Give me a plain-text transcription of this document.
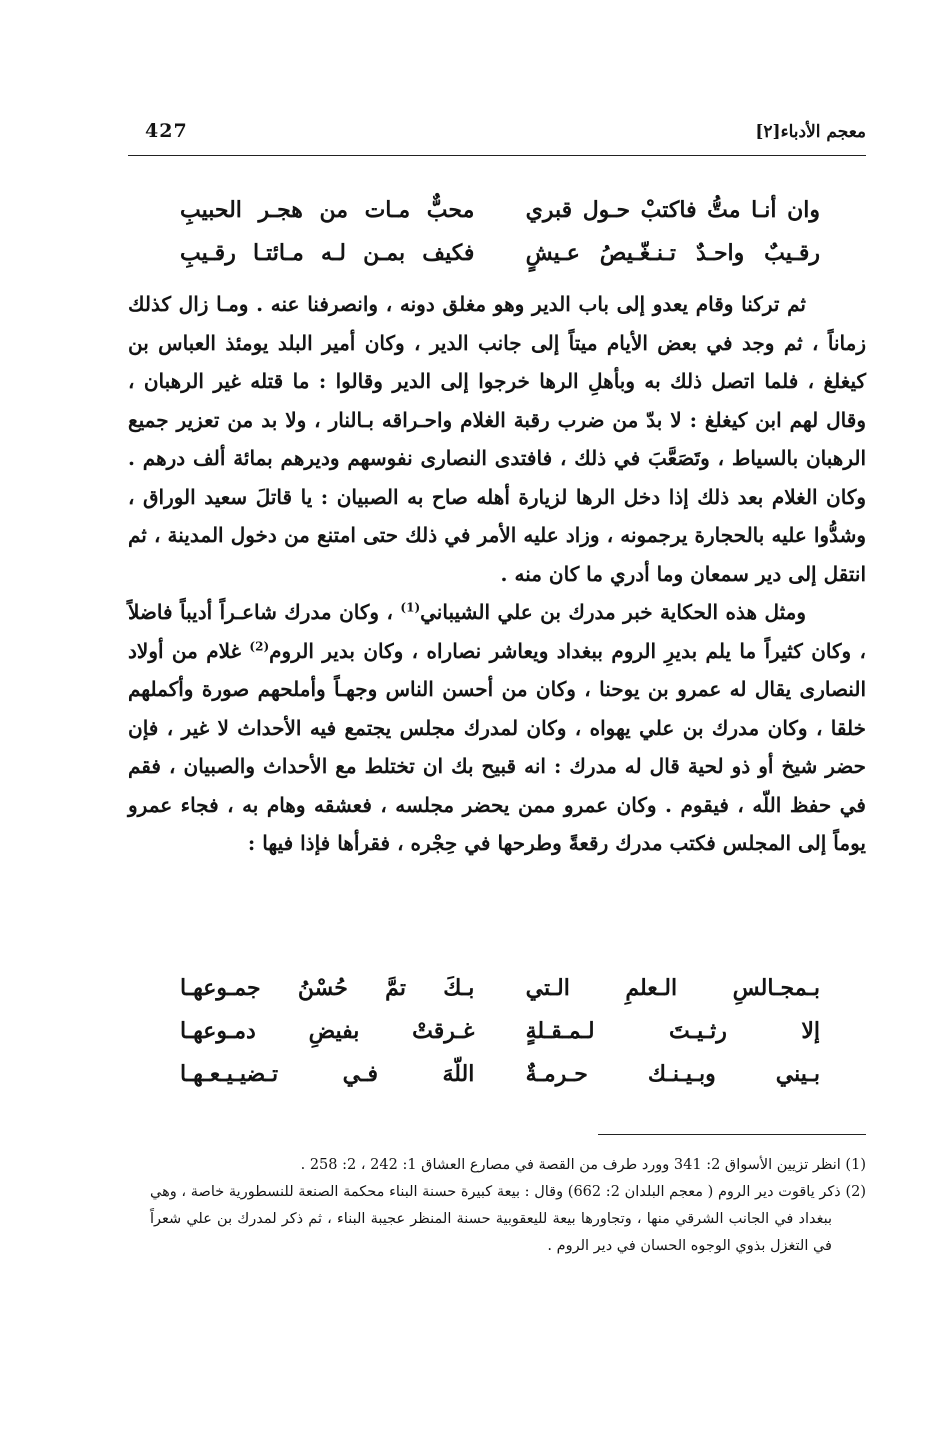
معجم الأدباء[٢]
427
وان أنـا متُّ فاكتبْ حـول قبري
محبٌّ مـات من هجـر الحبيبِ
رقـيبٌ واحـدٌ تـنـغّـيصُ عـيشٍ
فكيف بمـن لـه مـائتـا رقـيبِ

ثم تركنا وقام يعدو إلى باب الدير وهو مغلق دونه ، وانصرفنا عنه . ومـا زال كذلك زماناً ، ثم وجد في بعض الأيام ميتاً إلى جانب الدير ، وكان أمير البلد يومئذ العباس بن كيغلغ ، فلما اتصل ذلك به وبأهلِ الرها خرجوا إلى الدير وقالوا : ما قتله غير الرهبان ، وقال لهم ابن كيغلغ : لا بدّ من ضرب رقبة الغلام واحـراقه بـالنار ، ولا بد من تعزير جميع الرهبان بالسياط ، وتَصَعَّبَ في ذلك ، فافتدى النصارى نفوسهم وديرهم بمائة ألف درهم . وكان الغلام بعد ذلك إذا دخل الرها لزيارة أهله صاح به الصبيان : يا قاتلَ سعيد الوراق ، وشدُّوا عليه بالحجارة يرجمونه ، وزاد عليه الأمر في ذلك حتى امتنع من دخول المدينة ، ثم انتقل إلى دير سمعان وما أدري ما كان منه .

ومثل هذه الحكاية خبر مدرك بن علي الشيباني$^{(1)}$ ، وكان مدرك شاعـراً أديباً فاضلاً ، وكان كثيراً ما يلم بديرِ الروم ببغداد ويعاشر نصاراه ، وكان بدير الروم$^{(2)}$ غلام من أولاد النصارى يقال له عمرو بن يوحنا ، وكان من أحسن الناس وجهـاً وأملحهم صورة وأكملهم خلقا ، وكان مدرك بن علي يهواه ، وكان لمدرك مجلس يجتمع فيه الأحداث لا غير ، فإن حضر شيخ أو ذو لحية قال له مدرك : انه قبيح بك ان تختلط مع الأحداث والصبيان ، فقم في حفظ اللّه ، فيقوم . وكان عمرو ممن يحضر مجلسه ، فعشقه وهام به ، فجاء عمرو يوماً إلى المجلس فكتب مدرك رقعةً وطرحها في حِجْره ، فقرأها فإذا فيها :

بـمجـالسِ الـعلمِ الـتي
بـكَ تمَّ حُسْنُ جمـوعهـا
إلا رثـيـتَ لـمـقـلةٍ
غـرقتْ بفيضِ دمـوعهـا
بـيني وبـيـنـك حـرمـةٌ
اللّهَ فـي تـضيـيـعـهـا

(1) انظر تزيين الأسواق 2: 341 وورد طرف من القصة في مصارع العشاق 1: 242 ، 2: 258 .

(2) ذكر ياقوت دير الروم ( معجم البلدان 2: 662) وقال : بيعة كبيرة حسنة البناء محكمة الصنعة للنسطورية خاصة ، وهي ببغداد في الجانب الشرقي منها ، وتجاورها بيعة لليعقوبية حسنة المنظر عجيبة البناء ، ثم ذكر لمدرك بن علي شعراً في التغزل بذوي الوجوه الحسان في دير الروم .
